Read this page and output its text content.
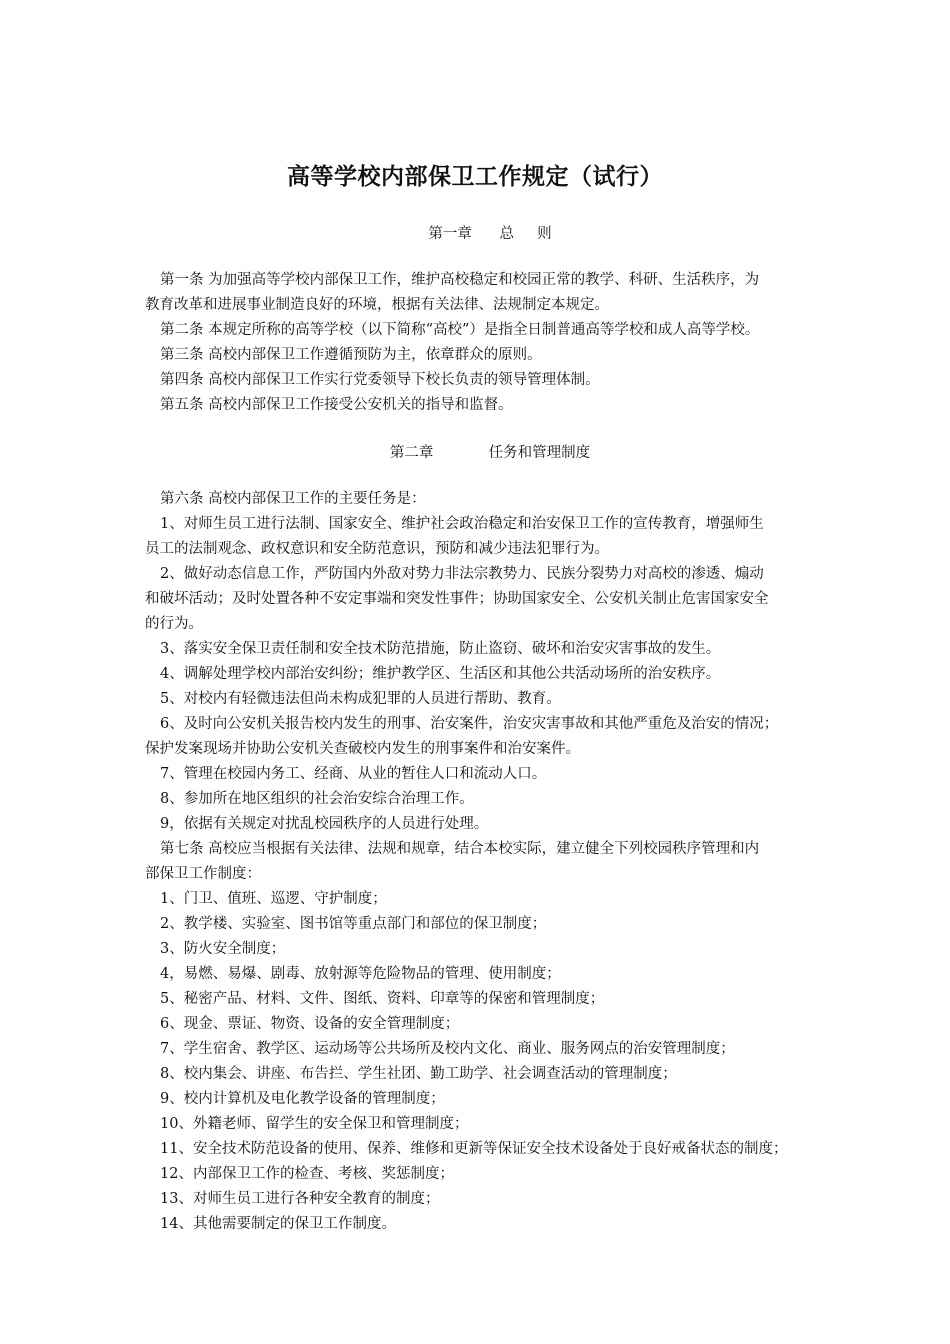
高等学校内部保卫工作规定（试行）
第一章      总     则
第二章            任务和管理制度
第一条 为加强高等学校内部保卫工作，维护高校稳定和校园正常的教学、科研、生活秩序，为
教育改革和进展事业制造良好的环境，根据有关法律、法规制定本规定。
第二条 本规定所称的高等学校（以下简称“高校”）是指全日制普通高等学校和成人高等学校。
第三条 高校内部保卫工作遵循预防为主，依章群众的原则。
第四条 高校内部保卫工作实行党委领导下校长负责的领导管理体制。
第五条 高校内部保卫工作接受公安机关的指导和监督。
第六条 高校内部保卫工作的主要任务是：
1、对师生员工进行法制、国家安全、维护社会政治稳定和治安保卫工作的宣传教育，增强师生
员工的法制观念、政权意识和安全防范意识，预防和减少违法犯罪行为。
2、做好动态信息工作，严防国内外敌对势力非法宗教势力、民族分裂势力对高校的渗透、煽动
和破坏活动；及时处置各种不安定事端和突发性事件；协助国家安全、公安机关制止危害国家安全
的行为。
3、落实安全保卫责任制和安全技术防范措施，防止盗窃、破坏和治安灾害事故的发生。
4、调解处理学校内部治安纠纷；维护教学区、生活区和其他公共活动场所的治安秩序。
5、对校内有轻微违法但尚未构成犯罪的人员进行帮助、教育。
6、及时向公安机关报告校内发生的刑事、治安案件，治安灾害事故和其他严重危及治安的情况；
保护发案现场并协助公安机关查破校内发生的刑事案件和治安案件。
7、管理在校园内务工、经商、从业的暂住人口和流动人口。
8、参加所在地区组织的社会治安综合治理工作。
9，依据有关规定对扰乱校园秩序的人员进行处理。
第七条 高校应当根据有关法律、法规和规章，结合本校实际，建立健全下列校园秩序管理和内
部保卫工作制度：
1、门卫、值班、巡逻、守护制度；
2、教学楼、实验室、图书馆等重点部门和部位的保卫制度；
3、防火安全制度；
4，易燃、易爆、剧毒、放射源等危险物品的管理、使用制度；
5、秘密产品、材料、文件、图纸、资料、印章等的保密和管理制度；
6、现金、票证、物资、设备的安全管理制度；
7、学生宿舍、教学区、运动场等公共场所及校内文化、商业、服务网点的治安管理制度；
8、校内集会、讲座、布告拦、学生社团、勤工助学、社会调查活动的管理制度；
9、校内计算机及电化教学设备的管理制度；
10、外籍老师、留学生的安全保卫和管理制度；
11、安全技术防范设备的使用、保养、维修和更新等保证安全技术设备处于良好戒备状态的制度；
12、内部保卫工作的检查、考核、奖惩制度；
13、对师生员工进行各种安全教育的制度；
14、其他需要制定的保卫工作制度。
